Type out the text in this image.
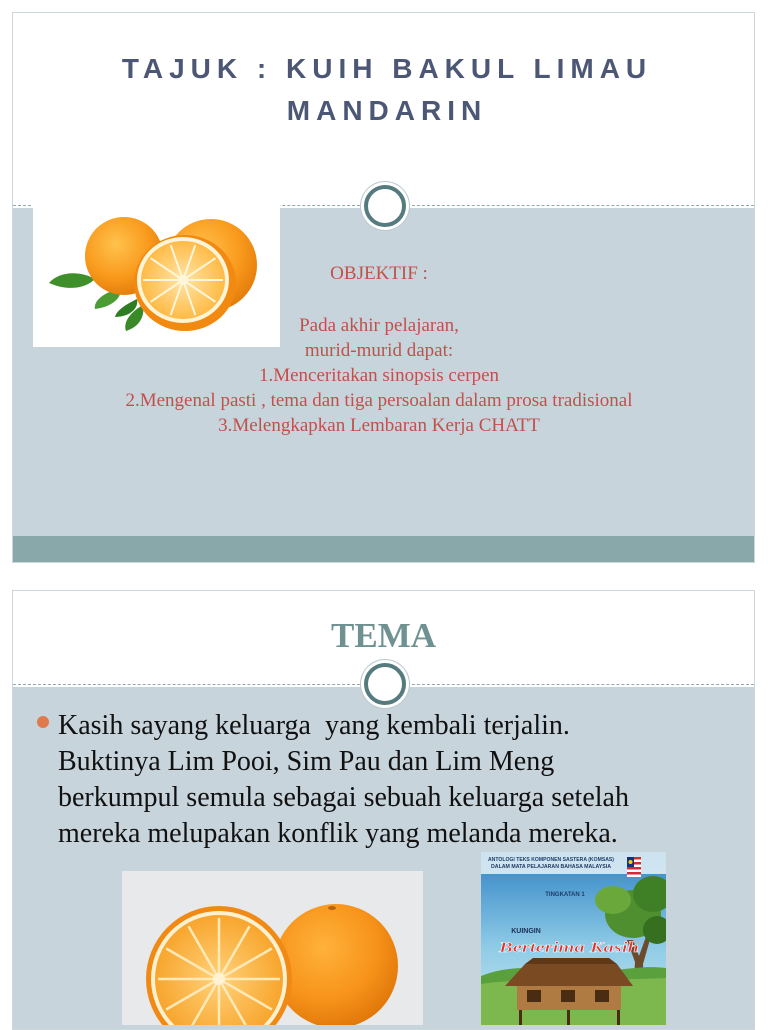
TAJUK : KUIH BAKUL LIMAU MANDARIN
OBJEKTIF :
Pada akhir pelajaran,
murid-murid dapat:
1.Menceritakan sinopsis cerpen
2.Mengenal pasti , tema dan tiga persoalan dalam prosa tradisional
3.Melengkapkan Lembaran Kerja CHATT
TEMA
Kasih sayang keluarga  yang kembali terjalin.
Buktinya Lim Pooi, Sim Pau dan Lim Meng
berkumpul semula sebagai sebuah keluarga setelah
mereka melupakan konflik yang melanda mereka.
ANTOLOGI TEKS KOMPONEN SASTERA (KOMSAS)
DALAM MATA PELAJARAN BAHASA MALAYSIA
TINGKATAN 1
KUINGIN
Berterima Kasih
